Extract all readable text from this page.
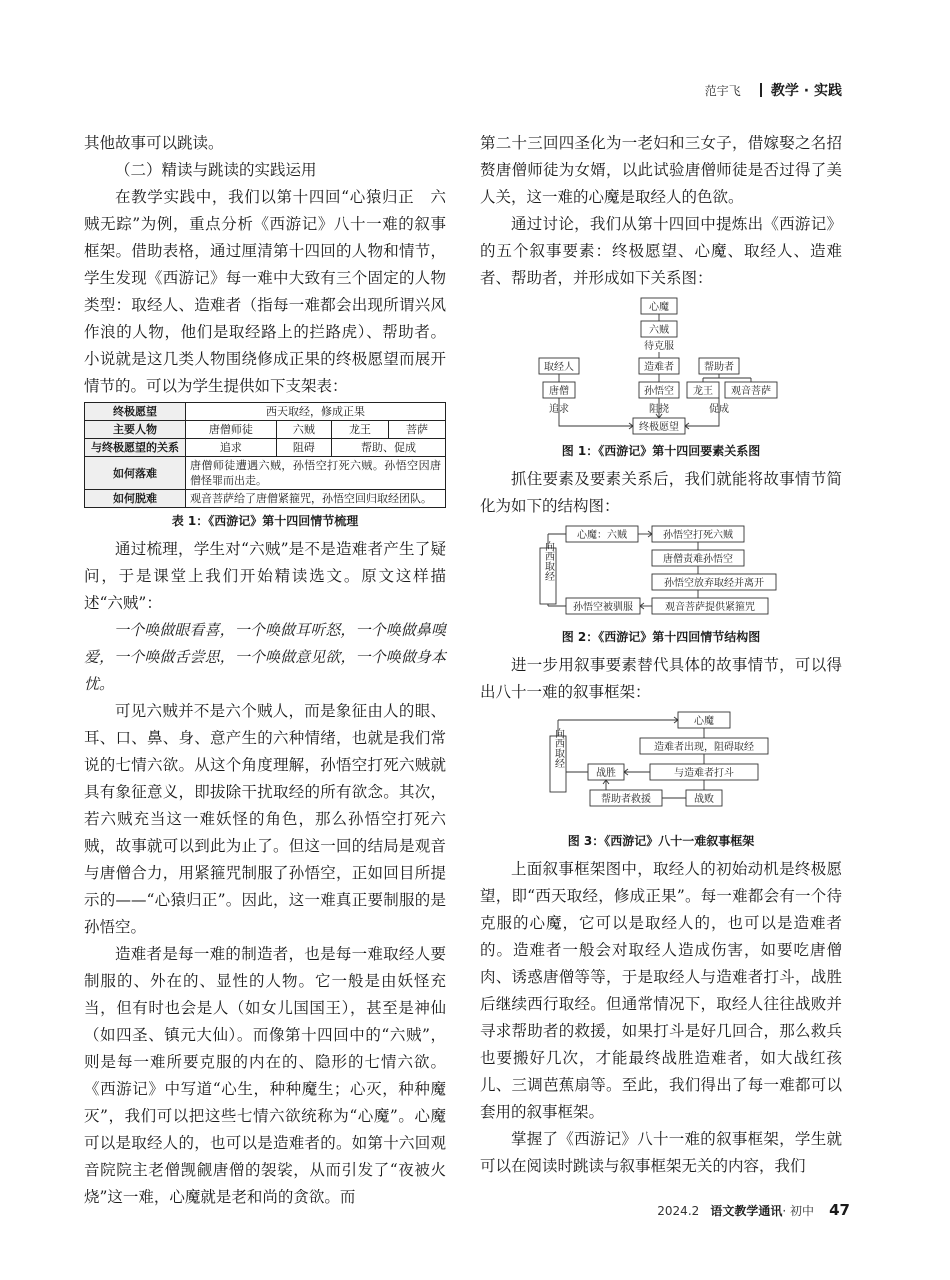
范宇飞 教学 · 实践

其他故事可以跳读。

（二）精读与跳读的实践运用

在教学实践中，我们以第十四回“心猿归正　六贼无踪”为例，重点分析《西游记》八十一难的叙事框架。借助表格，通过厘清第十四回的人物和情节，学生发现《西游记》每一难中大致有三个固定的人物类型：取经人、造难者（指每一难都会出现所谓兴风作浪的人物，他们是取经路上的拦路虎）、帮助者。小说就是这几类人物围绕修成正果的终极愿望而展开情节的。可以为学生提供如下支架表：

终极愿望	西天取经，修成正果			
主要人物	唐僧师徒	六贼	龙王	菩萨
与终极愿望的关系	追求	阻碍	帮助、促成	
如何落难	唐僧师徒遭遇六贼，孙悟空打死六贼。孙悟空因唐僧怪罪而出走。			
如何脱难	观音菩萨给了唐僧紧箍咒，孙悟空回归取经团队。			
表 1：《西游记》第十四回情节梳理

通过梳理，学生对“六贼”是不是造难者产生了疑问，于是课堂上我们开始精读选文。原文这样描述“六贼”：

一个唤做眼看喜，一个唤做耳听怒，一个唤做鼻嗅爱，一个唤做舌尝思，一个唤做意见欲，一个唤做身本忧。

可见六贼并不是六个贼人，而是象征由人的眼、耳、口、鼻、身、意产生的六种情绪，也就是我们常说的七情六欲。从这个角度理解，孙悟空打死六贼就具有象征意义，即拔除干扰取经的所有欲念。其次，若六贼充当这一难妖怪的角色，那么孙悟空打死六贼，故事就可以到此为止了。但这一回的结局是观音与唐僧合力，用紧箍咒制服了孙悟空，正如回目所提示的——“心猿归正”。因此，这一难真正要制服的是孙悟空。

造难者是每一难的制造者，也是每一难取经人要制服的、外在的、显性的人物。它一般是由妖怪充当，但有时也会是人（如女儿国国王），甚至是神仙（如四圣、镇元大仙）。而像第十四回中的“六贼”，则是每一难所要克服的内在的、隐形的七情六欲。《西游记》中写道“心生，种种魔生；心灭，种种魔灭”，我们可以把这些七情六欲统称为“心魔”。心魔可以是取经人的，也可以是造难者的。如第十六回观音院院主老僧觊觎唐僧的袈裟，从而引发了“夜被火烧”这一难，心魔就是老和尚的贪欲。而

第二十三回四圣化为一老妇和三女子，借嫁娶之名招赘唐僧师徒为女婿，以此试验唐僧师徒是否过得了美人关，这一难的心魔是取经人的色欲。

通过讨论，我们从第十四回中提炼出《西游记》的五个叙事要素：终极愿望、心魔、取经人、造难者、帮助者，并形成如下关系图：

心魔
六贼
待克服
取经人	造难者	帮助者
唐僧	孙悟空 龙王 观音菩萨
追求	阻挠	促成
终极愿望
图 1：《西游记》第十四回要素关系图

抓住要素及要素关系后，我们就能将故事情节简化为如下的结构图：

向西取经
心魔：六贼	孙悟空打死六贼
唐僧责难孙悟空
孙悟空放弃取经并离开
观音菩萨提供紧箍咒
孙悟空被驯服
图 2：《西游记》第十四回情节结构图

进一步用叙事要素替代具体的故事情节，可以得出八十一难的叙事框架：

向西取经
心魔
造难者出现，阻碍取经
与造难者打斗
战胜
战败
帮助者救援
图 3：《西游记》八十一难叙事框架

上面叙事框架图中，取经人的初始动机是终极愿望，即“西天取经，修成正果”。每一难都会有一个待克服的心魔，它可以是取经人的，也可以是造难者的。造难者一般会对取经人造成伤害，如要吃唐僧肉、诱惑唐僧等等，于是取经人与造难者打斗，战胜后继续西行取经。但通常情况下，取经人往往战败并寻求帮助者的救援，如果打斗是好几回合，那么救兵也要搬好几次，才能最终战胜造难者，如大战红孩儿、三调芭蕉扇等。至此，我们得出了每一难都可以套用的叙事框架。

掌握了《西游记》八十一难的叙事框架，学生就可以在阅读时跳读与叙事框架无关的内容，我们

2024.2 语文教学通讯· 初中 47
